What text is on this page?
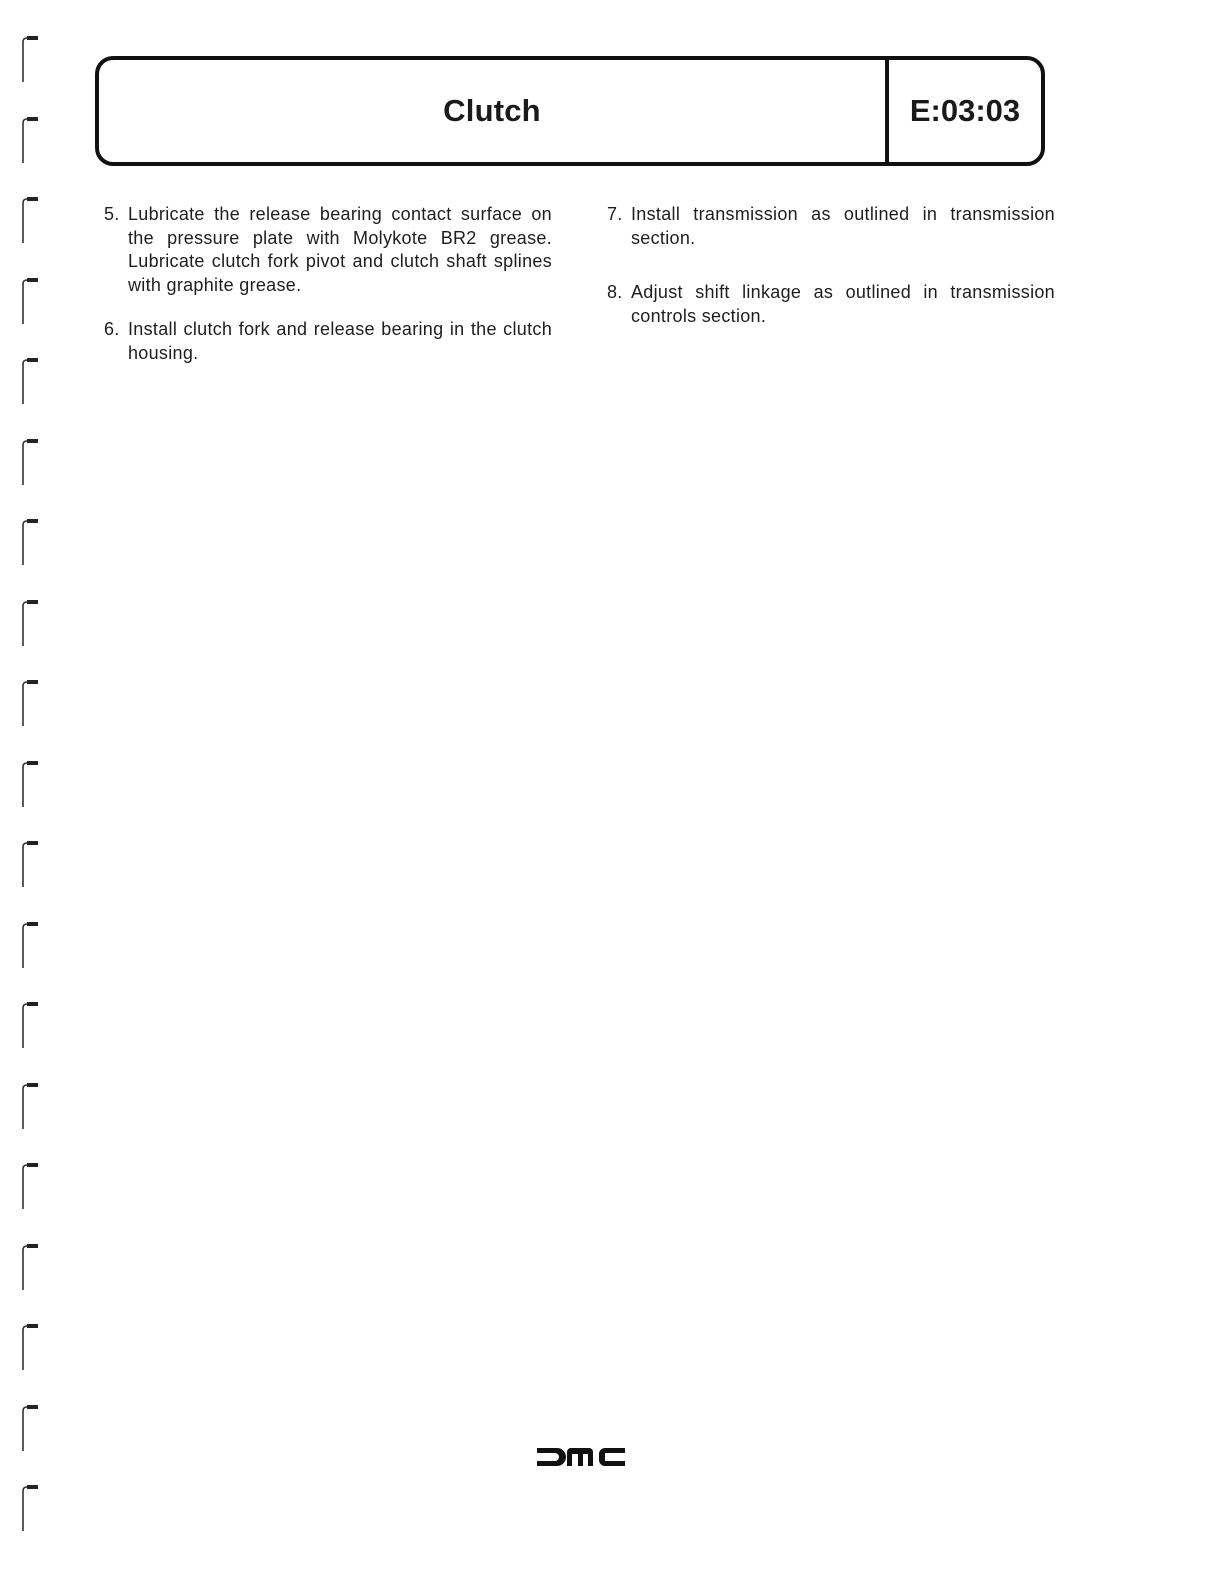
Clutch	E:03:03
5. Lubricate the release bearing contact surface on the pressure plate with Molykote BR2 grease. Lubricate clutch fork pivot and clutch shaft splines with graphite grease.
6. Install clutch fork and release bearing in the clutch housing.
7. Install transmission as outlined in transmission section.
8. Adjust shift linkage as outlined in transmission controls section.
